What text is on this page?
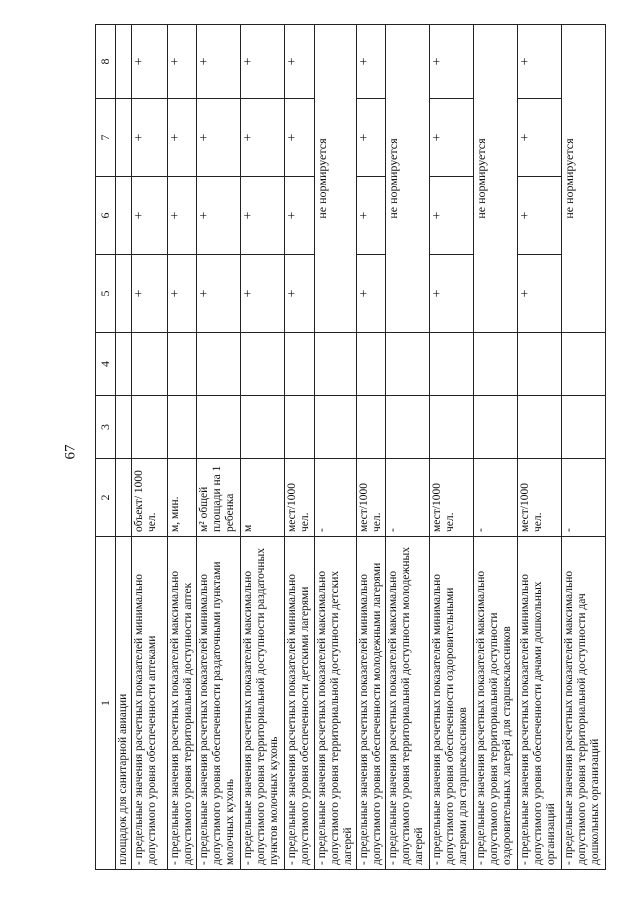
67
1	2	3	4	5	6	7	8
площадок для санитарной авиации							
- предельные значения расчетных показателей минимально допустимого уровня обеспеченности аптеками	объект/ 1000 чел.			+	+	+	+
- предельные значения расчетных показателей максимально допустимого уровня территориальной доступности аптек	м, мин.			+	+	+	+
- предельные значения расчетных показателей минимально допустимого уровня обеспеченности раздаточными пунктами молочных кухонь	м² общей площади на 1 ребенка			+	+	+	+
- предельные значения расчетных показателей максимально допустимого уровня территориальной доступности раздаточных пунктов молочных кухонь	м			+	+	+	+
- предельные значения расчетных показателей минимально допустимого уровня обеспеченности детскими лагерями	мест/1000 чел.			+	+	+	+
- предельные значения расчетных показателей максимально допустимого уровня территориальной доступности детских лагерей	-			не нормируется			
- предельные значения расчетных показателей минимально допустимого уровня обеспеченности молодежными лагерями	мест/1000 чел.			+	+	+	+
- предельные значения расчетных показателей максимально допустимого уровня территориальной доступности молодежных лагерей	-			не нормируется			
- предельные значения расчетных показателей минимально допустимого уровня обеспеченности оздоровительными лагерями для старшеклассников	мест/1000 чел.			+	+	+	+
- предельные значения расчетных показателей максимально допустимого уровня территориальной доступности оздоровительных лагерей для старшеклассников	-			не нормируется			
- предельные значения расчетных показателей минимально допустимого уровня обеспеченности дачами дошкольных организаций	мест/1000 чел.			+	+	+	+
- предельные значения расчетных показателей максимально допустимого уровня территориальной доступности дач дошкольных организаций	-			не нормируется			
